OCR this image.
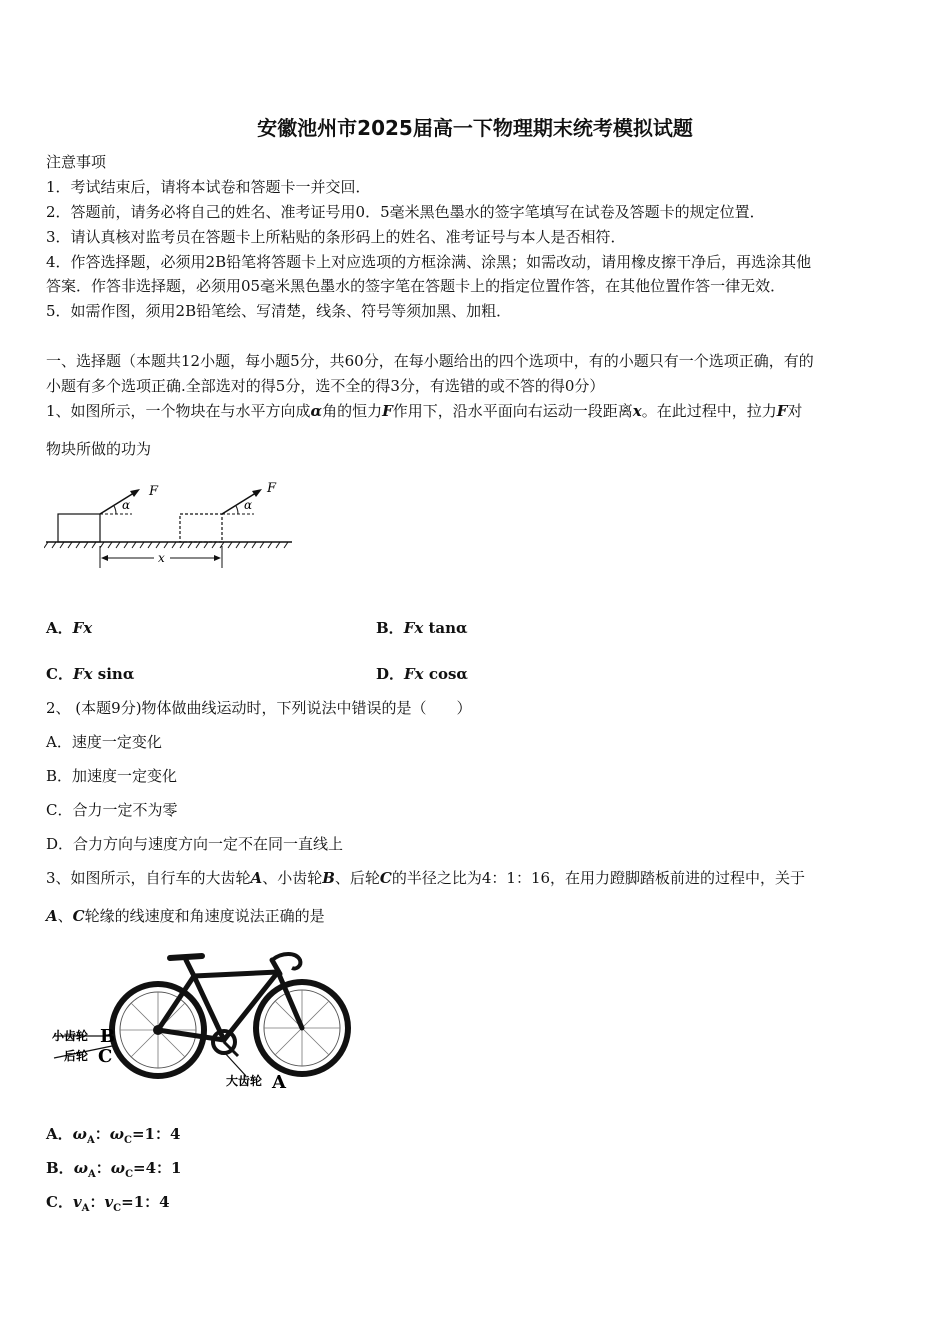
安徽池州市2025届高一下物理期末统考模拟试题
注意事项
1．考试结束后，请将本试卷和答题卡一并交回．
2．答题前，请务必将自己的姓名、准考证号用0．5毫米黑色墨水的签字笔填写在试卷及答题卡的规定位置．
3．请认真核对监考员在答题卡上所粘贴的条形码上的姓名、准考证号与本人是否相符．
4．作答选择题，必须用2B铅笔将答题卡上对应选项的方框涂满、涂黑；如需改动，请用橡皮擦干净后，再选涂其他
答案．作答非选择题，必须用05毫米黑色墨水的签字笔在答题卡上的指定位置作答，在其他位置作答一律无效．
5．如需作图，须用2B铅笔绘、写清楚，线条、符号等须加黑、加粗．
一、选择题（本题共12小题，每小题5分，共60分，在每小题给出的四个选项中，有的小题只有一个选项正确，有的
小题有多个选项正确.全部选对的得5分，选不全的得3分，有选错的或不答的得0分）
1、如图所示，一个物块在与水平方向成α角的恒力F作用下，沿水平面向右运动一段距离x。在此过程中，拉力F对
物块所做的功为
α
F
α
F
x
A．Fx	B．Fx tanα
C．Fx sinα	D．Fx cosα
2、 (本题9分)物体做曲线运动时，下列说法中错误的是（　　）
A．速度一定变化
B．加速度一定变化
C．合力一定不为零
D．合力方向与速度方向一定不在同一直线上
3、如图所示，自行车的大齿轮A、小齿轮B、后轮C的半径之比为4：1：16，在用力蹬脚踏板前进的过程中，关于
A、C轮缘的线速度和角速度说法正确的是
小齿轮 B
后轮 C
大齿轮 A
A．$\omega_A$：$\omega_C=1$：4
B．$\omega_A$：$\omega_C=4$：1
C．$v_A$：$v_C=1$：4
